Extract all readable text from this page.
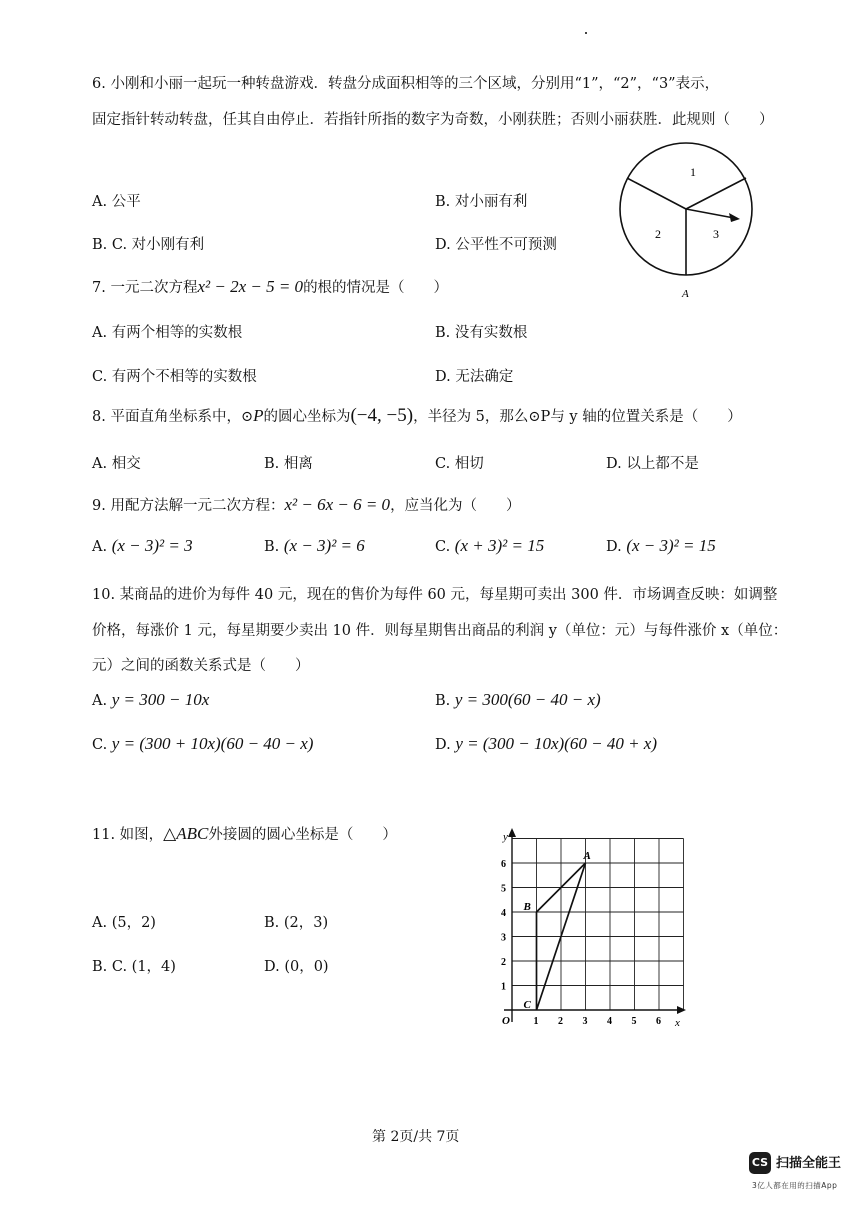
6. 小刚和小丽一起玩一种转盘游戏．转盘分成面积相等的三个区域，分别用“1”，“2”，“3”表示，
固定指针转动转盘，任其自由停止．若指针所指的数字为奇数，小刚获胜；否则小丽获胜．此规则（　　）
A. 公平	B. 对小丽有利
B. C. 对小刚有利	D. 公平性不可预测
1
2	3
A
7. 一元二次方程x² − 2x − 5 = 0的根的情况是（　　）
A. 有两个相等的实数根	B. 没有实数根
C. 有两个不相等的实数根	D. 无法确定
8. 平面直角坐标系中，⊙P的圆心坐标为(−4, −5)，半径为 5，那么⊙P与 y 轴的位置关系是（　　）
A. 相交	B. 相离	C. 相切	D. 以上都不是
9. 用配方法解一元二次方程：x² − 6x − 6 = 0，应当化为（　　）
A. (x − 3)² = 3	B. (x − 3)² = 6	C. (x + 3)² = 15	D. (x − 3)² = 15
10. 某商品的进价为每件 40 元，现在的售价为每件 60 元，每星期可卖出 300 件．市场调查反映：如调整
价格，每涨价 1 元，每星期要少卖出 10 件．则每星期售出商品的利润 y（单位：元）与每件涨价 x（单位：
元）之间的函数关系式是（　　）
A. y = 300 − 10x	B. y = 300(60 − 40 − x)
C. y = (300 + 10x)(60 − 40 − x)	D. y = (300 − 10x)(60 − 40 + x)
11. 如图，△ABC外接圆的圆心坐标是（　　）
A. (5，2)	B. (2，3)
B. C. (1，4)	D. (0，0)
1 2 3 4 5 6
1
2
3
4
5
6
x
y
O
A
B
C
第 2页/共 7页
CS 扫描全能王
3亿人都在用的扫描App
